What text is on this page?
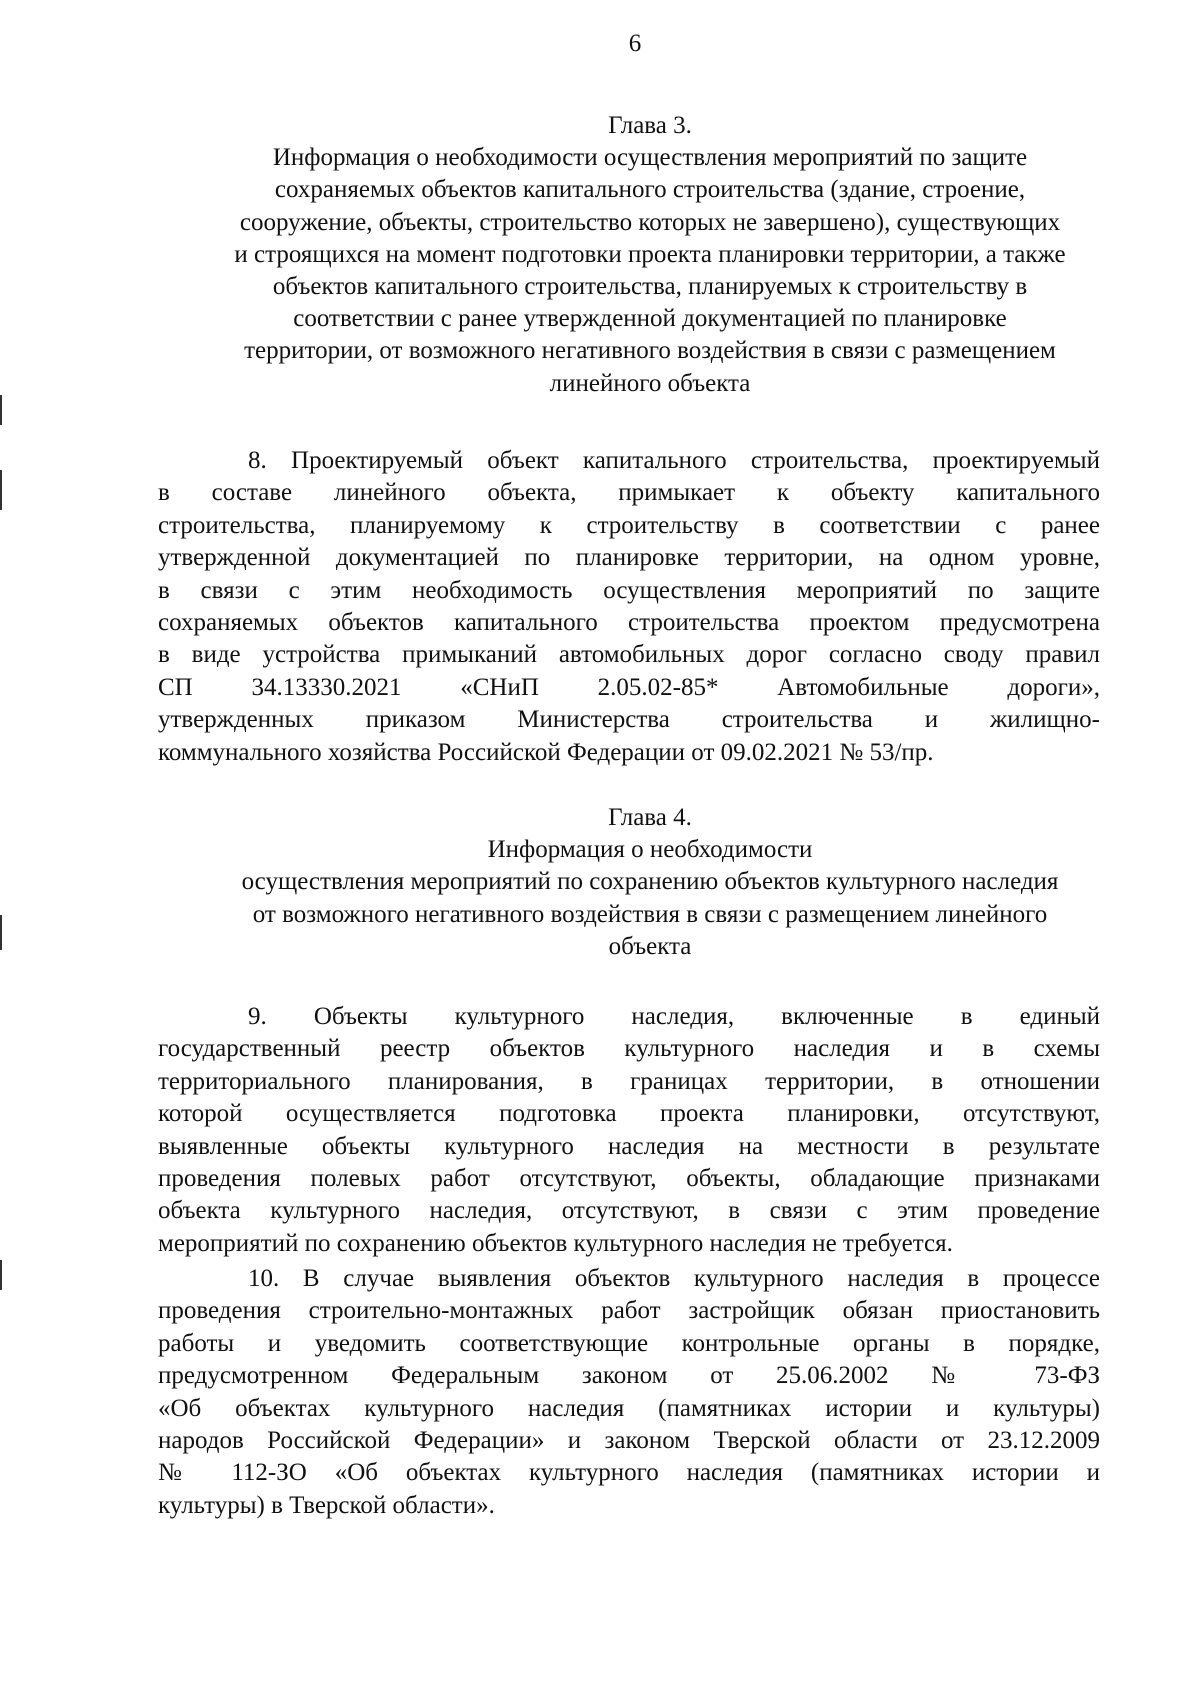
6
Глава 3.
Информация о необходимости осуществления мероприятий по защите
сохраняемых объектов капитального строительства (здание, строение,
сооружение, объекты, строительство которых не завершено), существующих
и строящихся на момент подготовки проекта планировки территории, а также
объектов капитального строительства, планируемых к строительству в
соответствии с ранее утвержденной документацией по планировке
территории, от возможного негативного воздействия в связи с размещением
линейного объекта
8. Проектируемый объект капитального строительства, проектируемый
в составе линейного объекта, примыкает к объекту капитального
строительства, планируемому к строительству в соответствии с ранее
утвержденной документацией по планировке территории, на одном уровне,
в связи с этим необходимость осуществления мероприятий по защите
сохраняемых объектов капитального строительства проектом предусмотрена
в виде устройства примыканий автомобильных дорог согласно своду правил
СП 34.13330.2021 «СНиП 2.05.02-85* Автомобильные дороги»,
утвержденных приказом Министерства строительства и жилищно-
коммунального хозяйства Российской Федерации от 09.02.2021 № 53/пр.
Глава 4.
Информация о необходимости
осуществления мероприятий по сохранению объектов культурного наследия
от возможного негативного воздействия в связи с размещением линейного
объекта
9. Объекты культурного наследия, включенные в единый
государственный реестр объектов культурного наследия и в схемы
территориального планирования, в границах территории, в отношении
которой осуществляется подготовка проекта планировки, отсутствуют,
выявленные объекты культурного наследия на местности в результате
проведения полевых работ отсутствуют, объекты, обладающие признаками
объекта культурного наследия, отсутствуют, в связи с этим проведение
мероприятий по сохранению объектов культурного наследия не требуется.
10. В случае выявления объектов культурного наследия в процессе
проведения строительно-монтажных работ застройщик обязан приостановить
работы и уведомить соответствующие контрольные органы в порядке,
предусмотренном Федеральным законом от 25.06.2002 № 73-ФЗ
«Об объектах культурного наследия (памятниках истории и культуры)
народов Российской Федерации» и законом Тверской области от 23.12.2009
№ 112-ЗО «Об объектах культурного наследия (памятниках истории и
культуры) в Тверской области».
